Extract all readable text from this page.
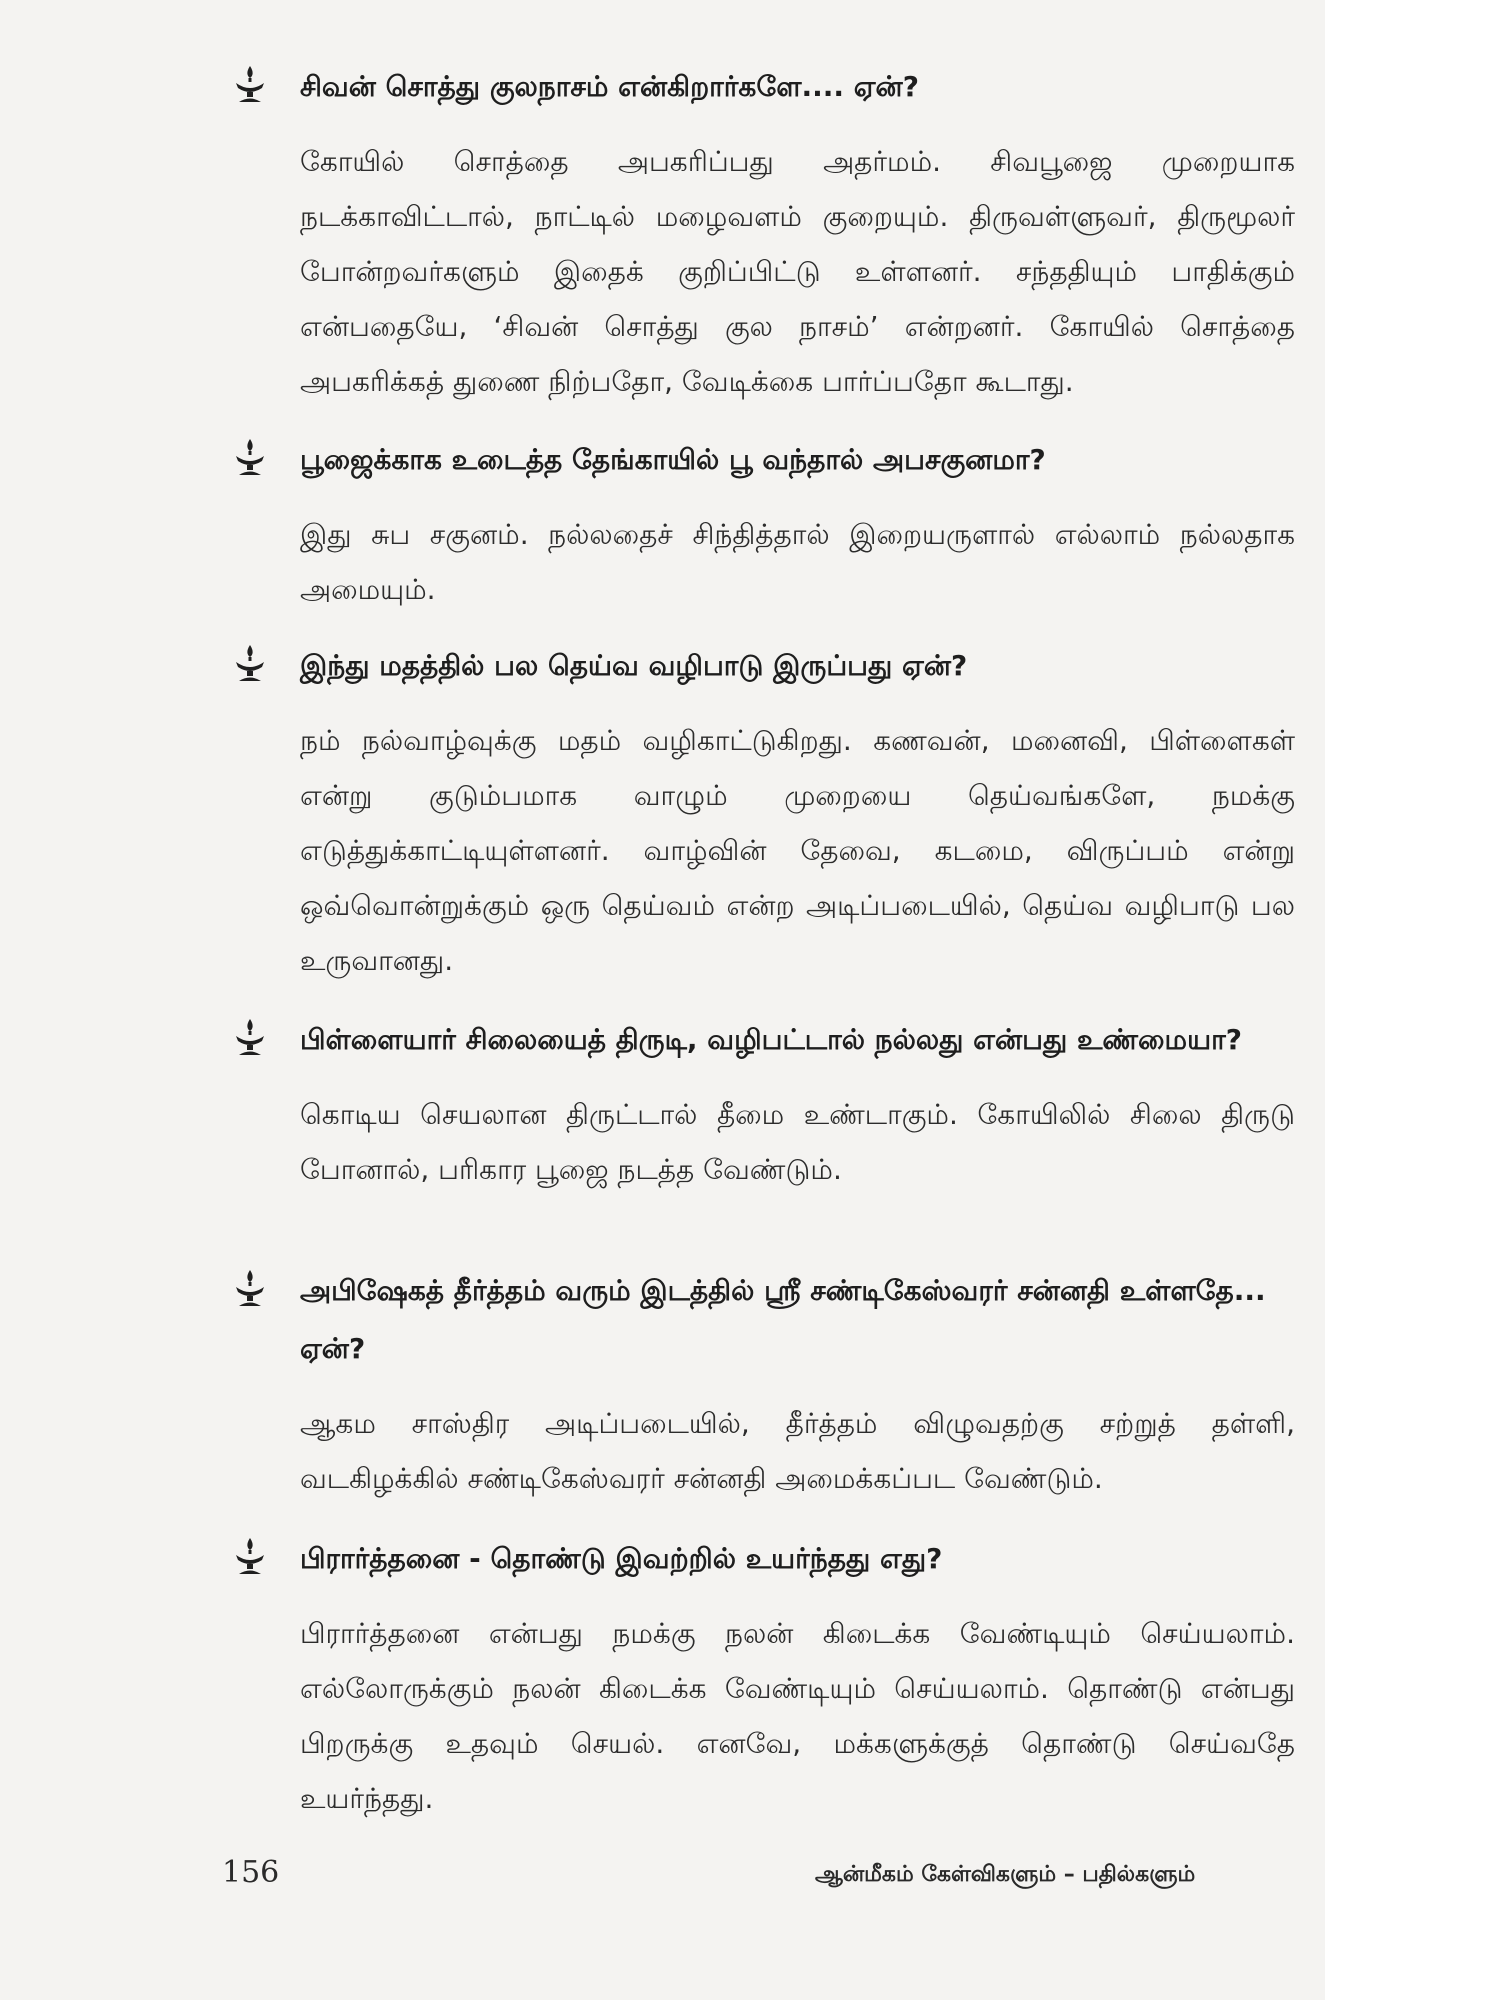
சிவன் சொத்து குலநாசம் என்கிறார்களே.... ஏன்?

கோயில் சொத்தை அபகரிப்பது அதர்மம். சிவபூஜை முறையாக நடக்காவிட்டால், நாட்டில் மழைவளம் குறையும். திருவள்ளுவர், திருமூலர் போன்றவர்களும் இதைக் குறிப்பிட்டு உள்ளனர். சந்ததியும் பாதிக்கும் என்பதையே, ‘சிவன் சொத்து குல நாசம்’ என்றனர். கோயில் சொத்தை அபகரிக்கத் துணை நிற்பதோ, வேடிக்கை பார்ப்பதோ கூடாது.

பூஜைக்காக உடைத்த தேங்காயில் பூ வந்தால் அபசகுனமா?

இது சுப சகுனம். நல்லதைச் சிந்தித்தால் இறையருளால் எல்லாம் நல்லதாக அமையும்.

இந்து மதத்தில் பல தெய்வ வழிபாடு இருப்பது ஏன்?

நம் நல்வாழ்வுக்கு மதம் வழிகாட்டுகிறது. கணவன், மனைவி, பிள்ளைகள் என்று குடும்பமாக வாழும் முறையை தெய்வங்களே, நமக்கு எடுத்துக்காட்டியுள்ளனர். வாழ்வின் தேவை, கடமை, விருப்பம் என்று ஒவ்வொன்றுக்கும் ஒரு தெய்வம் என்ற அடிப்படையில், தெய்வ வழிபாடு பல உருவானது.

பிள்ளையார் சிலையைத் திருடி, வழிபட்டால் நல்லது என்பது உண்மையா?

கொடிய செயலான திருட்டால் தீமை உண்டாகும். கோயிலில் சிலை திருடு போனால், பரிகார பூஜை நடத்த வேண்டும்.

அபிஷேகத் தீர்த்தம் வரும் இடத்தில் ஸ்ரீ சண்டிகேஸ்வரர் சன்னதி உள்ளதே... ஏன்?

ஆகம சாஸ்திர அடிப்படையில், தீர்த்தம் விழுவதற்கு சற்றுத் தள்ளி, வடகிழக்கில் சண்டிகேஸ்வரர் சன்னதி அமைக்கப்பட வேண்டும்.

பிரார்த்தனை - தொண்டு இவற்றில் உயர்ந்தது எது?

பிரார்த்தனை என்பது நமக்கு நலன் கிடைக்க வேண்டியும் செய்யலாம். எல்லோருக்கும் நலன் கிடைக்க வேண்டியும் செய்யலாம். தொண்டு என்பது பிறருக்கு உதவும் செயல். எனவே, மக்களுக்குத் தொண்டு செய்வதே உயர்ந்தது.

156	ஆன்மீகம் கேள்விகளும் – பதில்களும்
